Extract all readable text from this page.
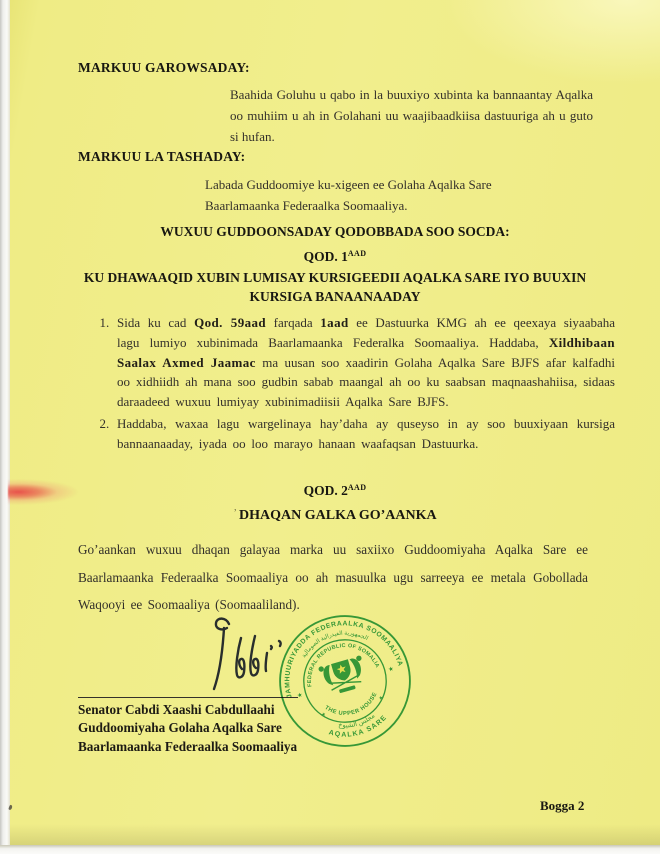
MARKUU GAROWSADAY:

Baahida Goluhu u qabo in la buuxiyo xubinta ka bannaantay Aqalka oo muhiim u ah in Golahani uu waajibaadkiisa dastuuriga ah u guto si hufan.

MARKUU LA TASHADAY:

Labada Guddoomiye ku-xigeen ee Golaha Aqalka Sare Baarlamaanka Federaalka Soomaaliya.

WUXUU GUDDOONSADAY QODOBBADA SOO SOCDA:
QOD. $1^{AAD}$
KU DHAWAAQID XUBIN LUMISAY KURSIGEEDII AQALKA SARE IYO BUUXIN KURSIGA BANAANAADAY
1. Sida ku cad Qod. 59aad farqada 1aad ee Dastuurka KMG ah ee qeexaya siyaabaha lagu lumiyo xubinimada Baarlamaanka Federalka Soomaaliya. Haddaba, Xildhibaan Saalax Axmed Jaamac ma uusan soo xaadirin Golaha Aqalka Sare BJFS afar kalfadhi oo xidhiidh ah mana soo gudbin sabab maangal ah oo ku saabsan maqnaashahiisa, sidaas daraadeed wuxuu lumiyay xubinimadiisii Aqalka Sare BJFS.
2. Haddaba, waxaa lagu wargelinaya hay’daha ay quseyso in ay soo buuxiyaan kursiga bannaanaaday, iyada oo loo marayo hanaan waafaqsan Dastuurka.
QOD. $2^{AAD}$
’ DHAQAN GALKA GO’AANKA

Go’aankan wuxuu dhaqan galayaa marka uu saxiixo Guddoomiyaha Aqalka Sare ee Baarlamaanka Federaalka Soomaaliya oo ah masuulka ugu sarreeya ee metala Gobollada Waqooyi ee Soomaaliya (Soomaaliland).

Senator Cabdi Xaashi Cabdullaahi
Guddoomiyaha Golaha Aqalka Sare
Baarlamaanka Federaalka Soomaaliya
JAMHUURIYADDA FEDERAALKA SOOMAALIYA
AQALKA SARE
الجمهورية الفيدرالية الصومالية
مجلس الشيوخ
FEDERAL REPUBLIC OF SOMALIA
THE UPPER HOUSE
★
★
★
★
Bogga 2
